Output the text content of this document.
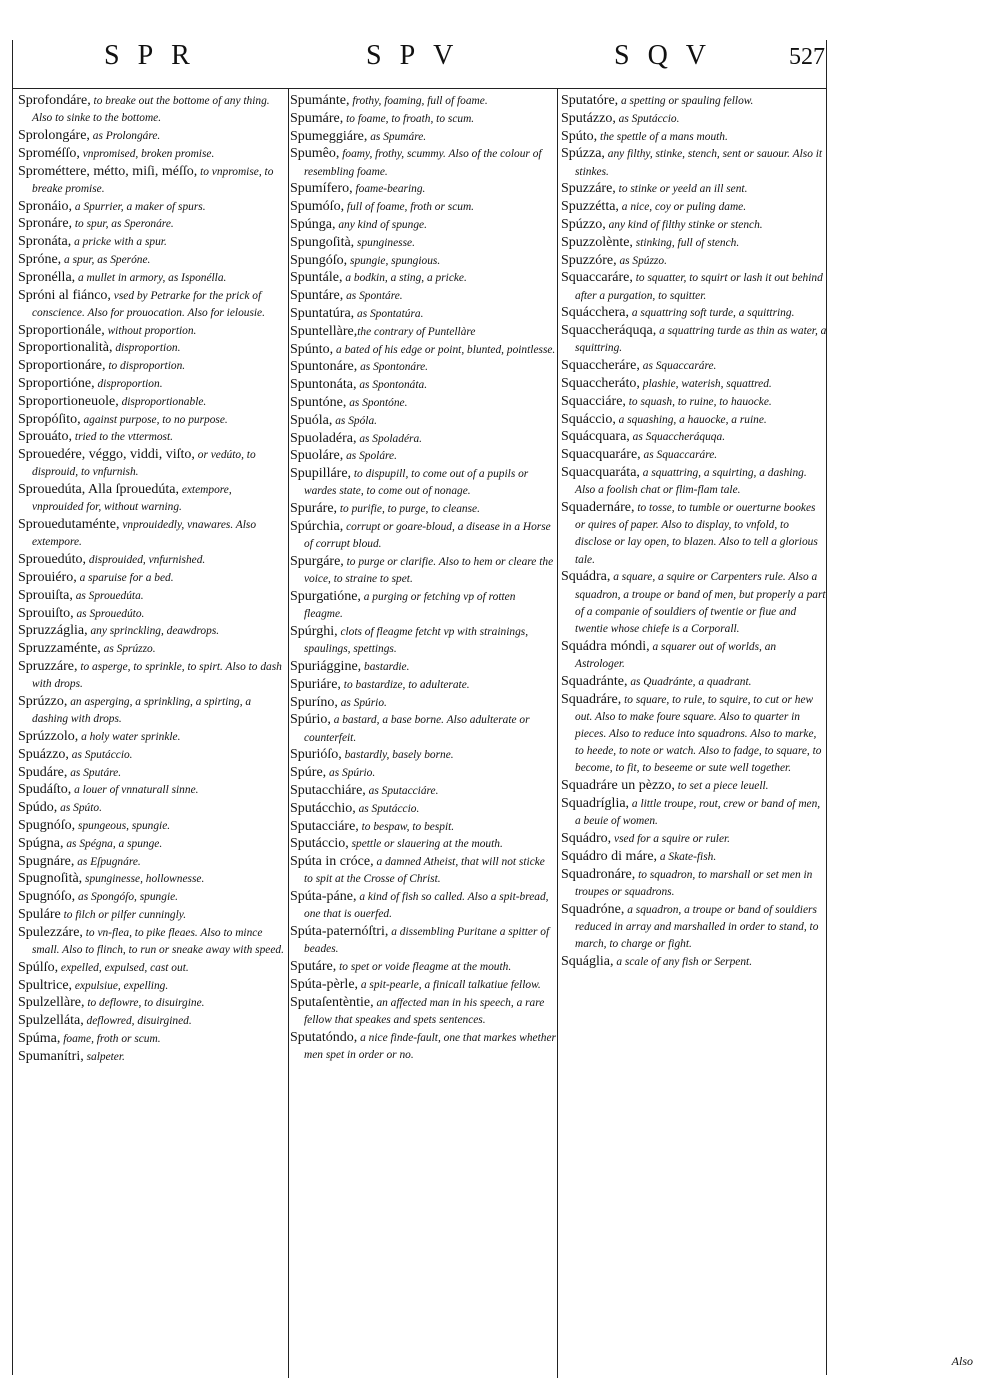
SPR	SPV	SQV	527
Sprofondáre, to breake out the bottome of any thing. Also to sinke to the bottome.
Sprolongáre, as Prolongáre.
Sproméſſo, vnpromised, broken promise.
Sprométtere, métto, miſi, méſſo, to vnpromise, to breake promise.
Spronáio, a Spurrier, a maker of spurs.
Spronáre, to spur, as Speronáre.
Spronáta, a pricke with a spur.
Spróne, a spur, as Speróne.
Spronélla, a mullet in armory, as Isponélla.
Spróni al fiánco, vsed by Petrarke for the prick of conscience. Also for prouocation. Also for ielousie.
Sproportionále, without proportion.
Sproportionalità, disproportion.
Sproportionáre, to disproportion.
Sproportióne, disproportion.
Sproportioneuole, disproportionable.
Spropóſito, against purpose, to no purpose.
Sprouáto, tried to the vttermost.
Sprouedére, véggo, viddi, viſto, or vedúto, to disprouid, to vnfurnish.
Sprouedúta, Alla ſprouedúta, extempore, vnprouided for, without warning.
Sprouedutaménte, vnprouidedly, vnawares. Also extempore.
Sprouedúto, disprouided, vnfurnished.
Sprouiéro, a sparuise for a bed.
Sprouiſta, as Sprouedúta.
Sprouiſto, as Sprouedúto.
Spruzzáglia, any sprinckling, deawdrops.
Spruzzaménte, as Sprúzzo.
Spruzzáre, to asperge, to sprinkle, to spirt. Also to dash with drops.
Sprúzzo, an asperging, a sprinkling, a spirting, a dashing with drops.
Sprúzzolo, a holy water sprinkle.
Spuázzo, as Sputáccio.
Spudáre, as Sputáre.
Spudáſto, a louer of vnnaturall sinne.
Spúdo, as Spúto.
Spugnóſo, spungeous, spungie.
Spúgna, as Spégna, a spunge.
Spugnáre, as Eſpugnáre.
Spugnoſità, spunginesse, hollownesse.
Spugnóſo, as Spongóſo, spungie.
Spuláre to filch or pilfer cunningly.
Spulezzáre, to vn-flea, to pike fleaes. Also to mince small. Also to flinch, to run or sneake away with speed.
Spúlſo, expelled, expulsed, cast out.
Spultrice, expulsiue, expelling.
Spulzellàre, to deflowre, to disuirgine.
Spulzelláta, deflowred, disuirgined.
Spúma, foame, froth or scum.
Spumanítri, salpeter.
Spumánte, frothy, foaming, full of foame.
Spumáre, to foame, to froath, to scum.
Spumeggiáre, as Spumáre.
Spumêo, foamy, frothy, scummy. Also of the colour of resembling foame.
Spumífero, foame-bearing.
Spumóſo, full of foame, froth or scum.
Spúnga, any kind of spunge.
Spungoſità, spunginesse.
Spungóſo, spungie, spungious.
Spuntále, a bodkin, a sting, a pricke.
Spuntáre, as Spontáre.
Spuntatúra, as Spontatúra.
Spuntellàre,the contrary of Puntellàre
Spúnto, a bated of his edge or point, blunted, pointlesse.
Spuntonáre, as Spontonáre.
Spuntonáta, as Spontonáta.
Spuntóne, as Spontóne.
Spuóla, as Spóla.
Spuoladéra, as Spoladéra.
Spuoláre, as Spoláre.
Spupilláre, to dispupill, to come out of a pupils or wardes state, to come out of nonage.
Spuráre, to purifie, to purge, to cleanse.
Spúrchia, corrupt or goare-bloud, a disease in a Horse of corrupt bloud.
Spurgáre, to purge or clarifie. Also to hem or cleare the voice, to straine to spet.
Spurgatióne, a purging or fetching vp of rotten fleagme.
Spúrghi, clots of fleagme fetcht vp with strainings, spaulings, spettings.
Spuriággine, bastardie.
Spuriáre, to bastardize, to adulterate.
Spuríno, as Spúrio.
Spúrio, a bastard, a base borne. Also adulterate or counterfeit.
Spurióſo, bastardly, basely borne.
Spúre, as Spúrio.
Sputacchiáre, as Sputacciáre.
Sputácchio, as Sputáccio.
Sputacciáre, to bespaw, to bespit.
Sputáccio, spettle or slauering at the mouth.
Spúta in cróce, a damned Atheist, that will not sticke to spit at the Crosse of Christ.
Spúta-páne, a kind of fish so called. Also a spit-bread, one that is ouerfed.
Spúta-paternóſtri, a dissembling Puritane a spitter of beades.
Sputáre, to spet or voide fleagme at the mouth.
Spúta-pèrle, a spit-pearle, a finicall talkatiue fellow.
Sputaſentèntie, an affected man in his speech, a rare fellow that speakes and spets sentences.
Sputatóndo, a nice finde-fault, one that markes whether men spet in order or no.
Sputatóre, a spetting or spauling fellow.
Sputázzo, as Sputáccio.
Spúto, the spettle of a mans mouth.
Spúzza, any filthy, stinke, stench, sent or sauour. Also it stinkes.
Spuzzáre, to stinke or yeeld an ill sent.
Spuzzétta, a nice, coy or puling dame.
Spúzzo, any kind of filthy stinke or stench.
Spuzzolènte, stinking, full of stench.
Spuzzóre, as Spúzzo.
Squaccaráre, to squatter, to squirt or lash it out behind after a purgation, to squitter.
Squácchera, a squattring soft turde, a squittring.
Squaccheráquqa, a squattring turde as thin as water, a squittring.
Squaccheráre, as Squaccaráre.
Squaccheráto, plashie, waterish, squattred.
Squacciáre, to squash, to ruine, to hauocke.
Squáccio, a squashing, a hauocke, a ruine.
Squácquara, as Squaccheráquqa.
Squacquaráre, as Squaccaráre.
Squacquaráta, a squattring, a squirting, a dashing. Also a foolish chat or flim-flam tale.
Squadernáre, to tosse, to tumble or ouerturne bookes or quires of paper. Also to display, to vnfold, to disclose or lay open, to blazen. Also to tell a glorious tale.
Squádra, a square, a squire or Carpenters rule. Also a squadron, a troupe or band of men, but properly a part of a companie of souldiers of twentie or fiue and twentie whose chiefe is a Corporall.
Squádra móndi, a squarer out of worlds, an Astrologer.
Squadránte, as Quadránte, a quadrant.
Squadráre, to square, to rule, to squire, to cut or hew out. Also to make foure square. Also to quarter in pieces. Also to reduce into squadrons. Also to marke, to heede, to note or watch. Also to fadge, to square, to become, to fit, to beseeme or sute well together.
Squadráre un pèzzo, to set a piece leuell.
Squadríglia, a little troupe, rout, crew or band of men, a beuie of women.
Squádro, vsed for a squire or ruler.
Squádro di máre, a Skate-fish.
Squadronáre, to squadron, to marshall or set men in troupes or squadrons.
Squadróne, a squadron, a troupe or band of souldiers reduced in array and marshalled in order to stand, to march, to charge or fight.
Squáglia, a scale of any fish or Serpent.
Also
